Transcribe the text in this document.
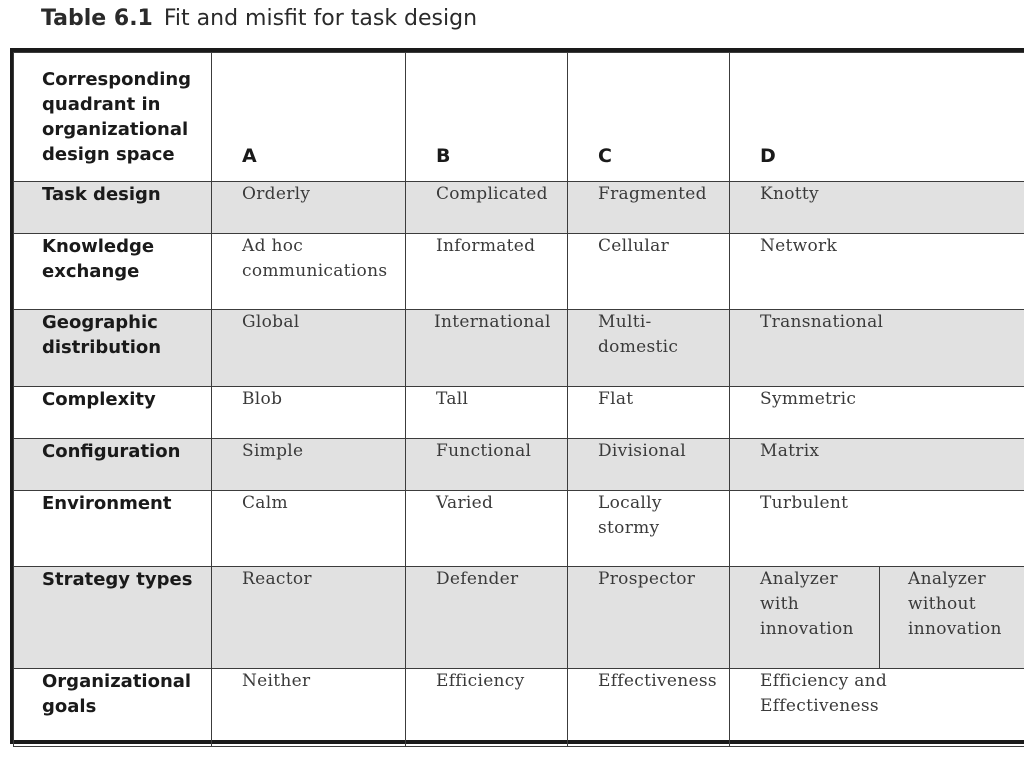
Table 6.1 Fit and misfit for task design
Corresponding quadrant in organizational design space	A	B	C	D	
Task design	Orderly	Complicated	Fragmented	Knotty	
Knowledge exchange	Ad hoc communications	Informated	Cellular	Network	
Geographic distribution	Global	International	Multi-domestic	Transnational	
Complexity	Blob	Tall	Flat	Symmetric	
Configuration	Simple	Functional	Divisional	Matrix	
Environment	Calm	Varied	Locally stormy	Turbulent	
Strategy types	Reactor	Defender	Prospector	Analyzer with innovation	Analyzer without innovation
Organizational goals	Neither	Efficiency	Effectiveness	Efficiency and Effectiveness	
